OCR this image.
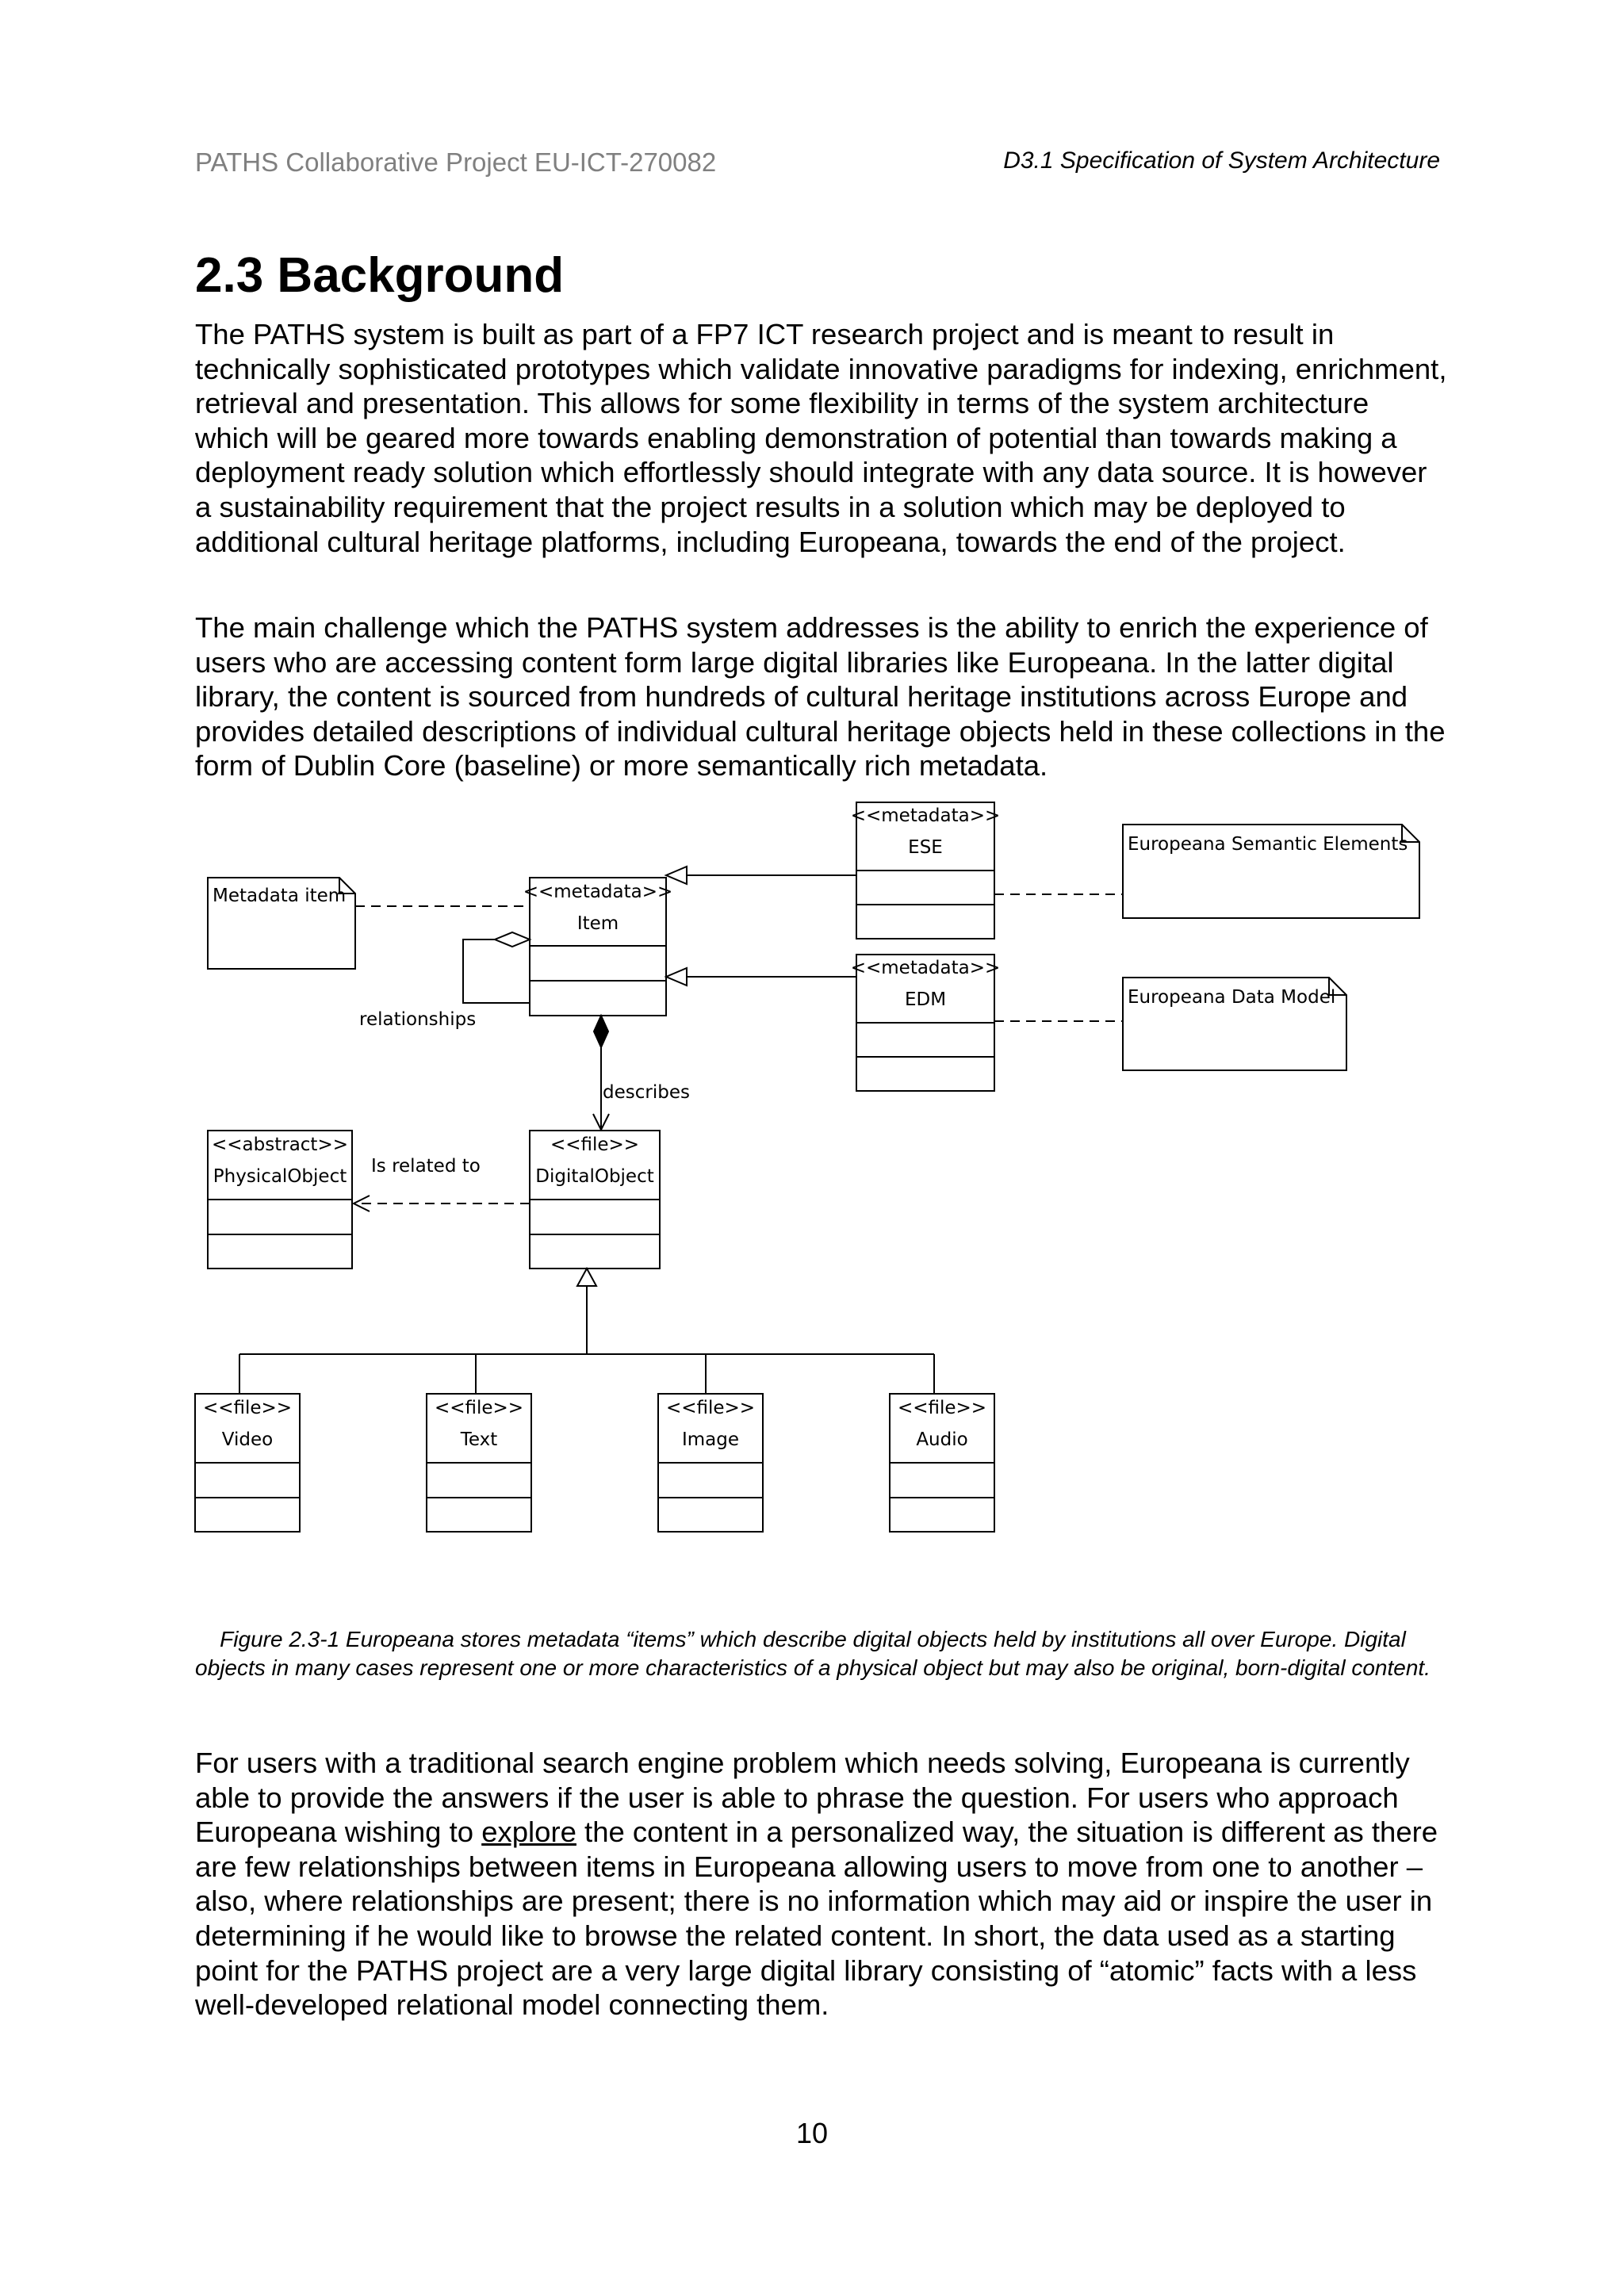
PATHS Collaborative Project EU-ICT-270082	D3.1 Specification of System Architecture
2.3 Background

The PATHS system is built as part of a FP7 ICT research project and is meant to result in technically sophisticated prototypes which validate innovative paradigms for indexing, enrichment, retrieval and presentation. This allows for some flexibility in terms of the system architecture which will be geared more towards enabling demonstration of potential than towards making a deployment ready solution which effortlessly should integrate with any data source. It is however a sustainability requirement that the project results in a solution which may be deployed to additional cultural heritage platforms, including Europeana, towards the end of the project.

The main challenge which the PATHS system addresses is the ability to enrich the experience of users who are accessing content form large digital libraries like Europeana. In the latter digital library, the content is sourced from hundreds of cultural heritage institutions across Europe and provides detailed descriptions of individual cultural heritage objects held in these collections in the form of Dublin Core (baseline) or more semantically rich metadata.

Metadata item	<<metadata>>
Item
relationships
<<metadata>>
ESE
<<metadata>>
EDM
Europeana Semantic Elements
Europeana Data Model
describes
<<abstract>>
PhysicalObject
<<file>>
DigitalObject
Is related to
<<file>>
Video
<<file>>
Text
<<file>>
Image
<<file>>
Audio

Figure 2.3-1 Europeana stores metadata “items” which describe digital objects held by institutions all over Europe. Digital objects in many cases represent one or more characteristics of a physical object but may also be original, born-digital content.

For users with a traditional search engine problem which needs solving, Europeana is currently able to provide the answers if the user is able to phrase the question. For users who approach Europeana wishing to explore the content in a personalized way, the situation is different as there are few relationships between items in Europeana allowing users to move from one to another – also, where relationships are present; there is no information which may aid or inspire the user in determining if he would like to browse the related content. In short, the data used as a starting point for the PATHS project are a very large digital library consisting of “atomic” facts with a less well-developed relational model connecting them.

10
